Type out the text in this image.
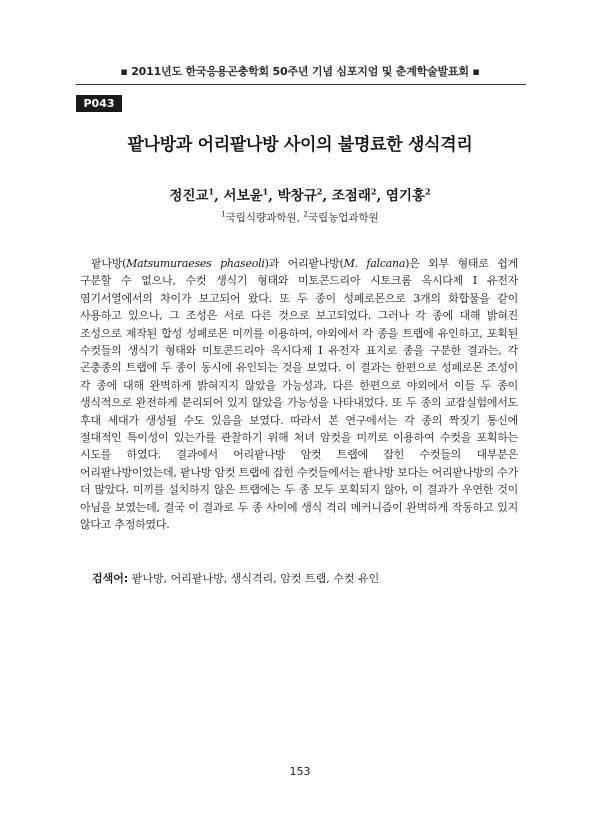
▪ 2011년도 한국응용곤충학회 50주년 기념 심포지엄 및 춘계학술발표회 ▪
P043
팥나방과 어리팥나방 사이의 불명료한 생식격리
정진교$^1$, 서보윤$^1$, 박창규$^2$, 조점래$^2$, 염기홍$^2$
$^1$국립식량과학원, $^2$국립농업과학원
팥나방(Matsumuraeses phaseoli)과 어리팥나방(M. falcana)은 외부 형태로 쉽게 구분할 수 없으나, 수컷 생식기 형태와 미토콘드리아 시토크롬 옥시다제 I 유전자 염기서열에서의 차이가 보고되어 왔다. 또 두 종이 성페로몬으로 3개의 화합물을 같이 사용하고 있으나, 그 조성은 서로 다른 것으로 보고되었다. 그러나 각 종에 대해 밝혀진 조성으로 제작된 합성 성페로몬 미끼를 이용하여, 야외에서 각 종을 트랩에 유인하고, 포획된 수컷들의 생식기 형태와 미토콘드리아 옥시다제 I 유전자 표지로 종을 구분한 결과는, 각 곤충종의 트랩에 두 종이 동시에 유인되는 것을 보였다. 이 결과는 한편으로 성페로몬 조성이 각 종에 대해 완벽하게 밝혀지지 않았을 가능성과, 다른 한편으로 야외에서 이들 두 종이 생식적으로 완전하게 분리되어 있지 않았을 가능성을 나타내었다. 또 두 종의 교잡실험에서도 후대 세대가 생성될 수도 있음을 보였다. 따라서 본 연구에서는 각 종의 짝짓기 통신에 절대적인 특이성이 있는가를 관찰하기 위해 처녀 암컷을 미끼로 이용하여 수컷을 포획하는 시도를 하였다. 결과에서 어리팥나방 암컷 트랩에 잡힌 수컷들의 대부분은 어리팥나방이었는데, 팥나방 암컷 트랩에 잡힌 수컷들에서는 팥나방 보다는 어리팥나방의 수가 더 많았다. 미끼를 설치하지 않은 트랩에는 두 종 모두 포획되지 않아, 이 결과가 우연한 것이 아님을 보였는데, 결국 이 결과로 두 종 사이에 생식 격리 메커니즘이 완벽하게 작동하고 있지 않다고 추정하였다.
검색어: 팥나방, 어리팥나방, 생식격리, 암컷 트랩, 수컷 유인
153
